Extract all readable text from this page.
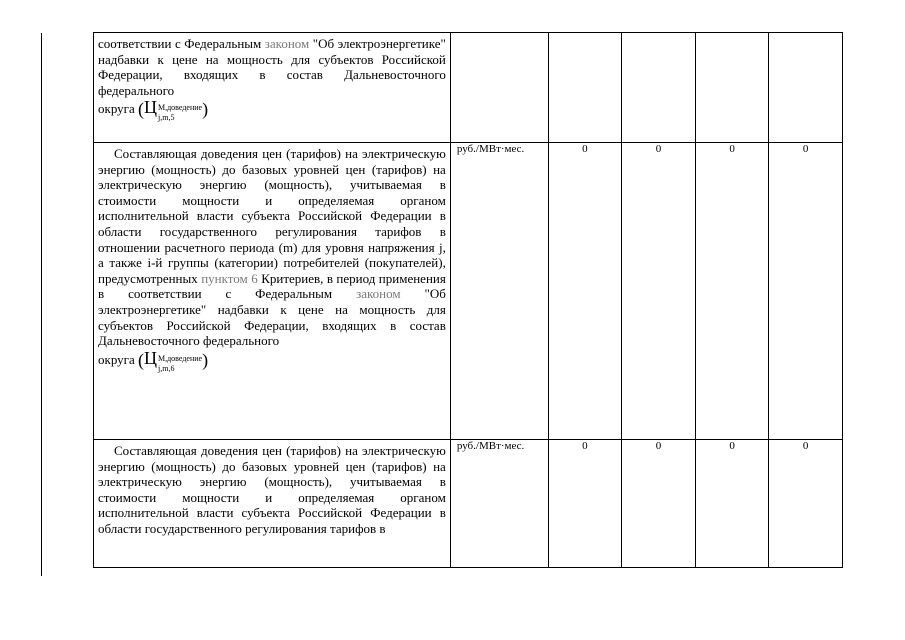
соответствии с Федеральным законом "Об электроэнергетике" надбавки к цене на мощность для субъектов Российской Федерации, входящих в состав Дальневосточного федерального
округа (Ц М,доведение
j,m,5 )					

Составляющая доведения цен (тарифов) на электрическую энергию (мощность) до базовых уровней цен (тарифов) на электрическую энергию (мощность), учитываемая в стоимости мощности и определяемая органом исполнительной власти субъекта Российской Федерации в области государственного регулирования тарифов в отношении расчетного периода (m) для уровня напряжения j, а также i-й группы (категории) потребителей (покупателей), предусмотренных пунктом 6 Критериев, в период применения в соответствии с Федеральным законом "Об электроэнергетике" надбавки к цене на мощность для субъектов Российской Федерации, входящих в состав Дальневосточного федерального
округа (Ц М,доведение
j,m,6 )	руб./МВт·мес.	0	0	0	0

Составляющая доведения цен (тарифов) на электрическую энергию (мощность) до базовых уровней цен (тарифов) на электрическую энергию (мощность), учитываемая в стоимости мощности и определяемая органом исполнительной власти субъекта Российской Федерации в области государственного регулирования тарифов в	руб./МВт·мес.	0	0	0	0
